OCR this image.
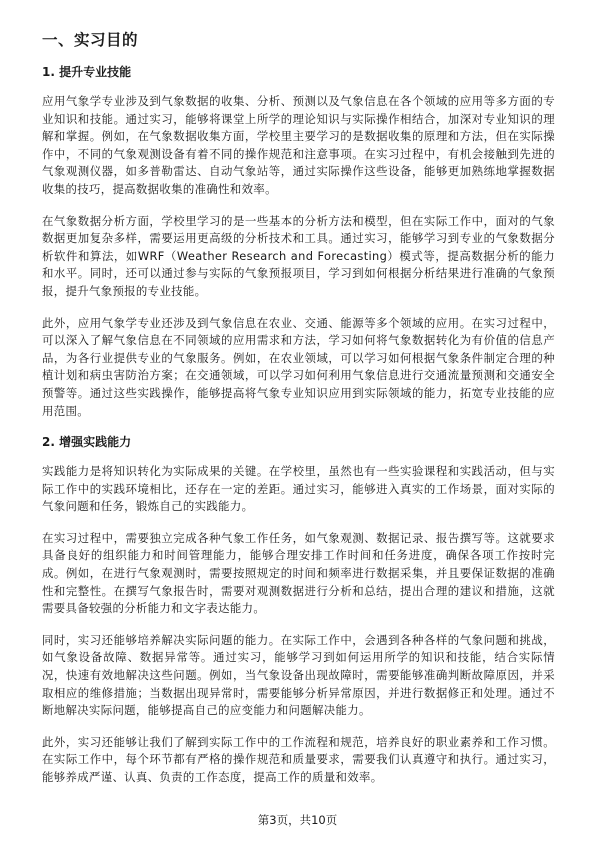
一、实习目的
1. 提升专业技能

应用气象学专业涉及到气象数据的收集、分析、预测以及气象信息在各个领域的应用等多方面的专业知识和技能。通过实习，能够将课堂上所学的理论知识与实际操作相结合，加深对专业知识的理解和掌握。例如，在气象数据收集方面，学校里主要学习的是数据收集的原理和方法，但在实际操作中，不同的气象观测设备有着不同的操作规范和注意事项。在实习过程中，有机会接触到先进的气象观测仪器，如多普勒雷达、自动气象站等，通过实际操作这些设备，能够更加熟练地掌握数据收集的技巧，提高数据收集的准确性和效率。

在气象数据分析方面，学校里学习的是一些基本的分析方法和模型，但在实际工作中，面对的气象数据更加复杂多样，需要运用更高级的分析技术和工具。通过实习，能够学习到专业的气象数据分析软件和算法，如WRF（Weather Research and Forecasting）模式等，提高数据分析的能力和水平。同时，还可以通过参与实际的气象预报项目，学习到如何根据分析结果进行准确的气象预报，提升气象预报的专业技能。

此外，应用气象学专业还涉及到气象信息在农业、交通、能源等多个领域的应用。在实习过程中，可以深入了解气象信息在不同领域的应用需求和方法，学习如何将气象数据转化为有价值的信息产品，为各行业提供专业的气象服务。例如，在农业领域，可以学习如何根据气象条件制定合理的种植计划和病虫害防治方案；在交通领域，可以学习如何利用气象信息进行交通流量预测和交通安全预警等。通过这些实践操作，能够提高将气象专业知识应用到实际领域的能力，拓宽专业技能的应用范围。

2. 增强实践能力

实践能力是将知识转化为实际成果的关键。在学校里，虽然也有一些实验课程和实践活动，但与实际工作中的实践环境相比，还存在一定的差距。通过实习，能够进入真实的工作场景，面对实际的气象问题和任务，锻炼自己的实践能力。

在实习过程中，需要独立完成各种气象工作任务，如气象观测、数据记录、报告撰写等。这就要求具备良好的组织能力和时间管理能力，能够合理安排工作时间和任务进度，确保各项工作按时完成。例如，在进行气象观测时，需要按照规定的时间和频率进行数据采集，并且要保证数据的准确性和完整性。在撰写气象报告时，需要对观测数据进行分析和总结，提出合理的建议和措施，这就需要具备较强的分析能力和文字表达能力。

同时，实习还能够培养解决实际问题的能力。在实际工作中，会遇到各种各样的气象问题和挑战，如气象设备故障、数据异常等。通过实习，能够学习到如何运用所学的知识和技能，结合实际情况，快速有效地解决这些问题。例如，当气象设备出现故障时，需要能够准确判断故障原因，并采取相应的维修措施；当数据出现异常时，需要能够分析异常原因，并进行数据修正和处理。通过不断地解决实际问题，能够提高自己的应变能力和问题解决能力。

此外，实习还能够让我们了解到实际工作中的工作流程和规范，培养良好的职业素养和工作习惯。在实际工作中，每个环节都有严格的操作规范和质量要求，需要我们认真遵守和执行。通过实习，能够养成严谨、认真、负责的工作态度，提高工作的质量和效率。

第3页，共10页
